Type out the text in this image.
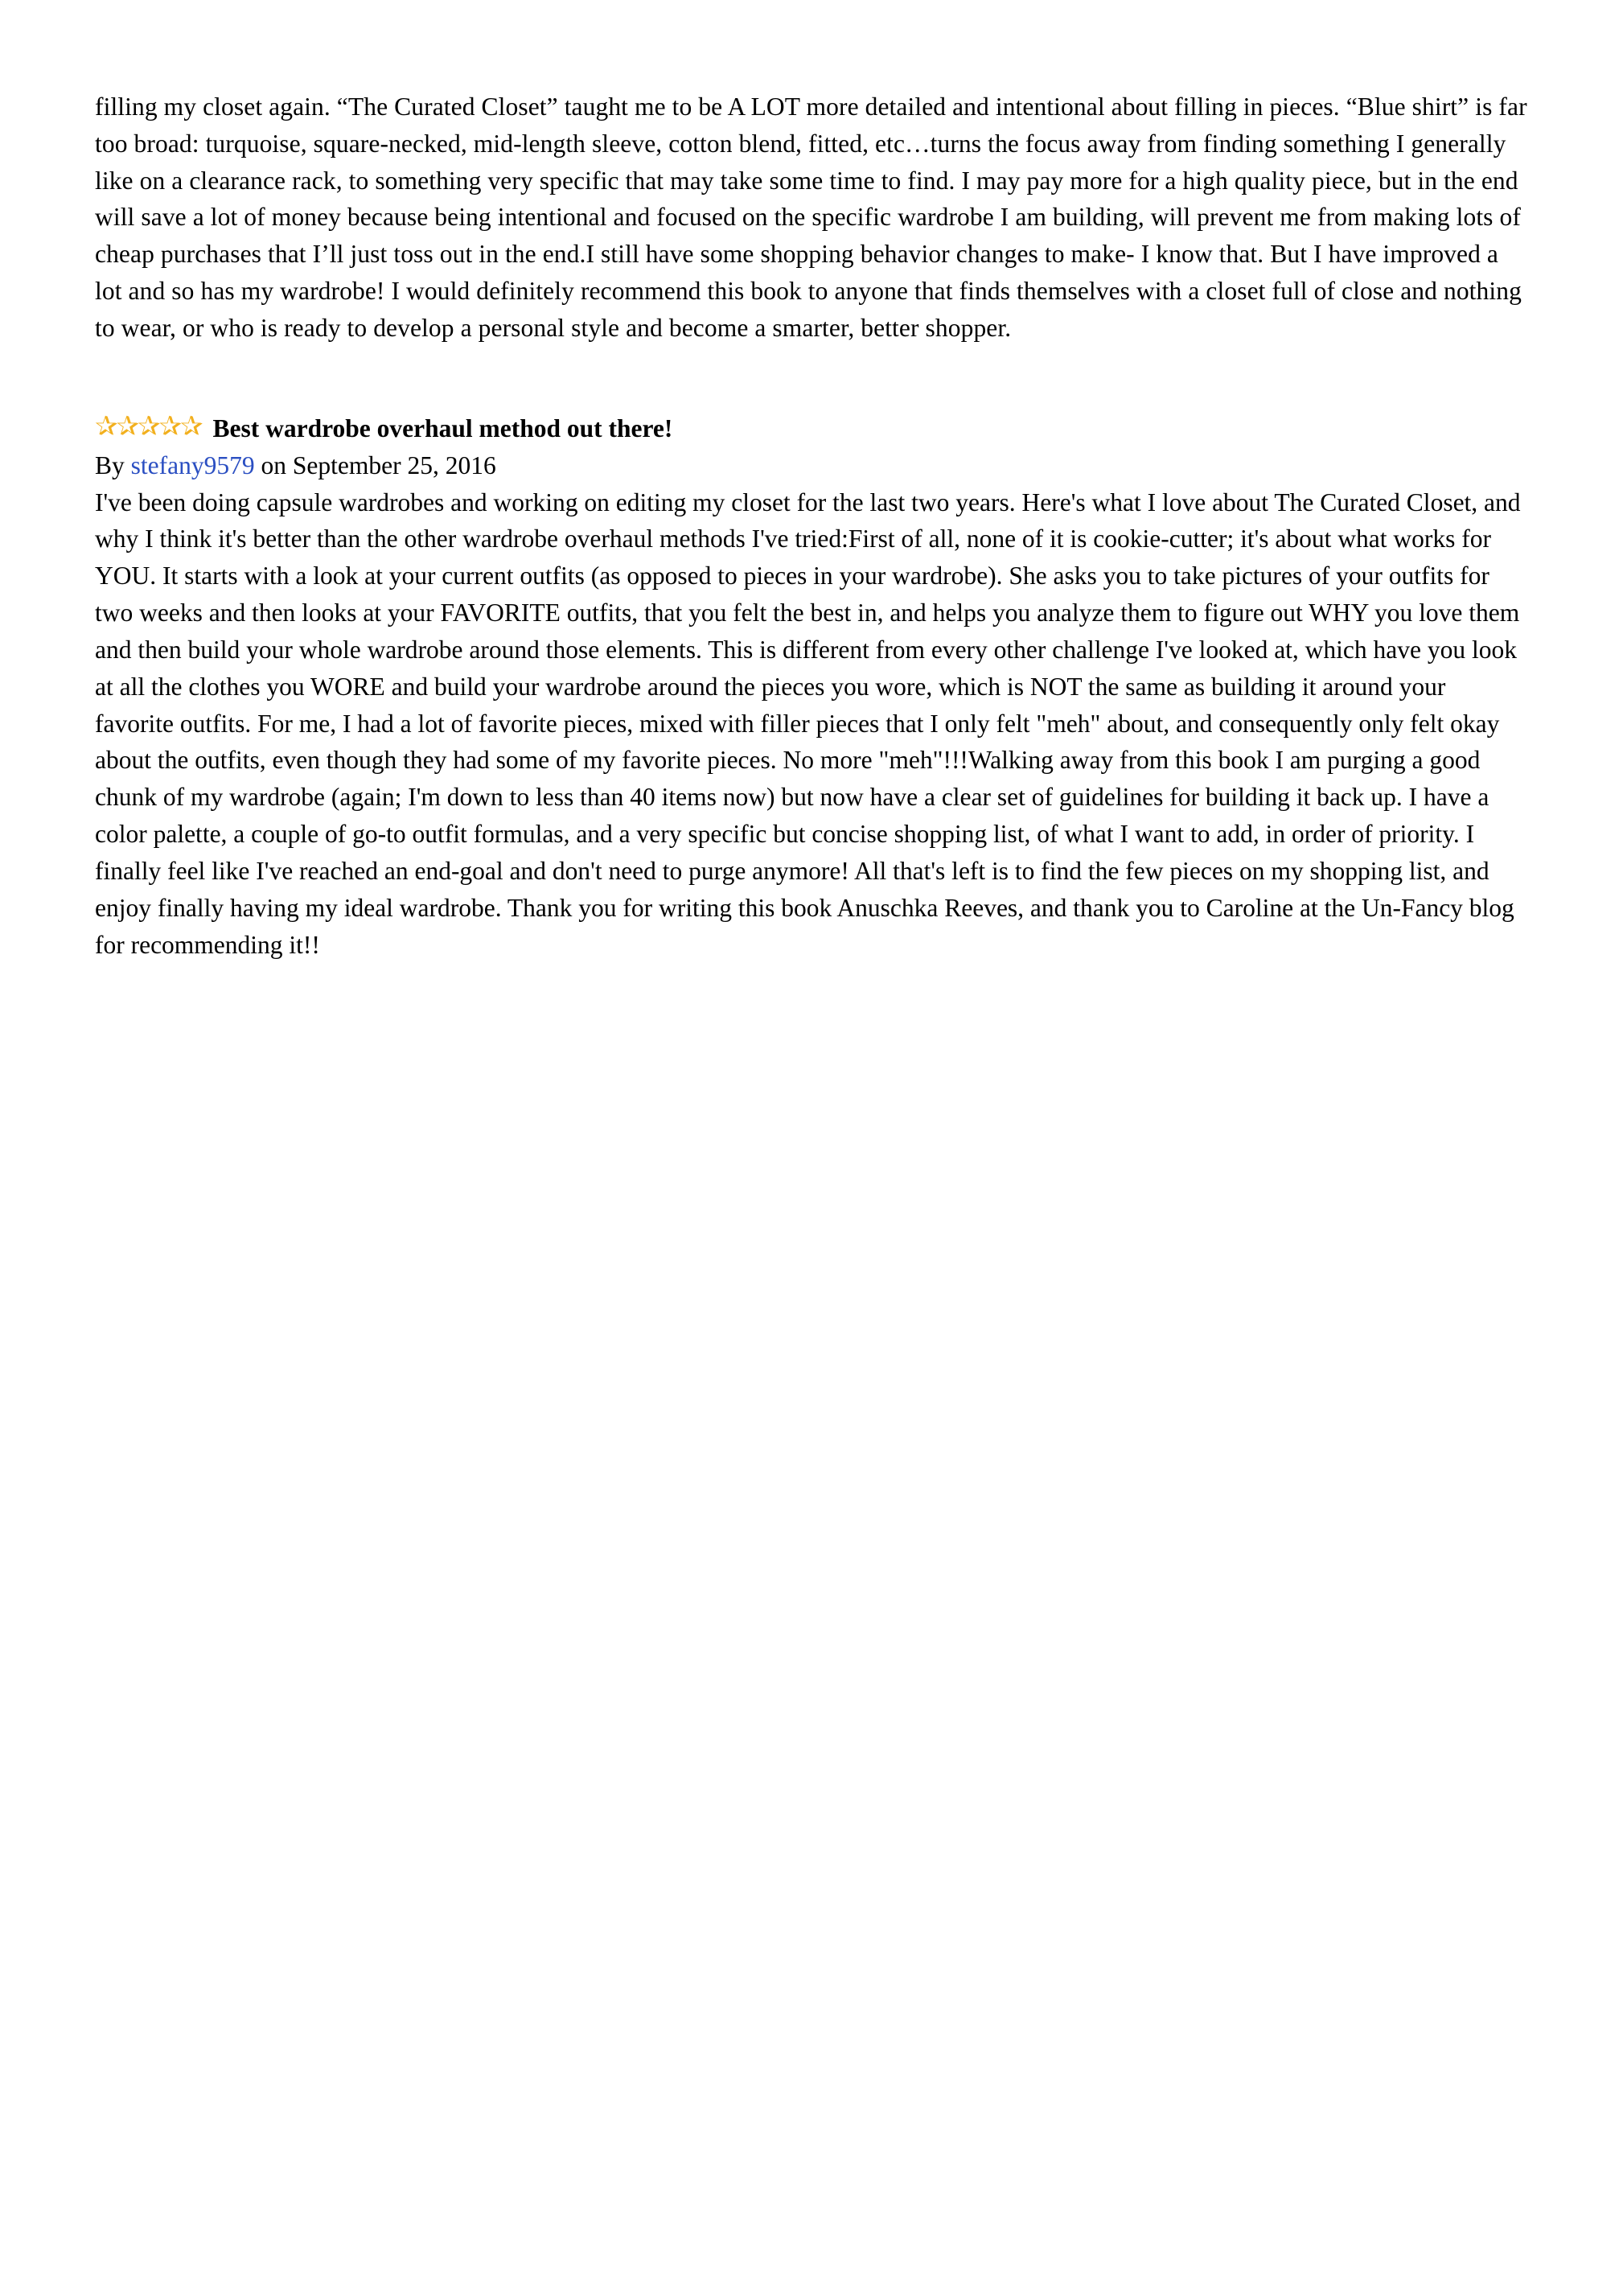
filling my closet again. “The Curated Closet” taught me to be A LOT more detailed and intentional about filling in pieces. “Blue shirt” is far too broad: turquoise, square-necked, mid-length sleeve, cotton blend, fitted, etc…turns the focus away from finding something I generally like on a clearance rack, to something very specific that may take some time to find. I may pay more for a high quality piece, but in the end will save a lot of money because being intentional and focused on the specific wardrobe I am building, will prevent me from making lots of cheap purchases that I’ll just toss out in the end.I still have some shopping behavior changes to make- I know that. But I have improved a lot and so has my wardrobe! I would definitely recommend this book to anyone that finds themselves with a closet full of close and nothing to wear, or who is ready to develop a personal style and become a smarter, better shopper.

✰ ✰ ✰ ✰ ✰ Best wardrobe overhaul method out there!

By stefany9579 on September 25, 2016

I've been doing capsule wardrobes and working on editing my closet for the last two years. Here's what I love about The Curated Closet, and why I think it's better than the other wardrobe overhaul methods I've tried:First of all, none of it is cookie-cutter; it's about what works for YOU. It starts with a look at your current outfits (as opposed to pieces in your wardrobe). She asks you to take pictures of your outfits for two weeks and then looks at your FAVORITE outfits, that you felt the best in, and helps you analyze them to figure out WHY you love them and then build your whole wardrobe around those elements. This is different from every other challenge I've looked at, which have you look at all the clothes you WORE and build your wardrobe around the pieces you wore, which is NOT the same as building it around your favorite outfits. For me, I had a lot of favorite pieces, mixed with filler pieces that I only felt "meh" about, and consequently only felt okay about the outfits, even though they had some of my favorite pieces. No more "meh"!!!Walking away from this book I am purging a good chunk of my wardrobe (again; I'm down to less than 40 items now) but now have a clear set of guidelines for building it back up. I have a color palette, a couple of go-to outfit formulas, and a very specific but concise shopping list, of what I want to add, in order of priority. I finally feel like I've reached an end-goal and don't need to purge anymore! All that's left is to find the few pieces on my shopping list, and enjoy finally having my ideal wardrobe. Thank you for writing this book Anuschka Reeves, and thank you to Caroline at the Un-Fancy blog for recommending it!!
